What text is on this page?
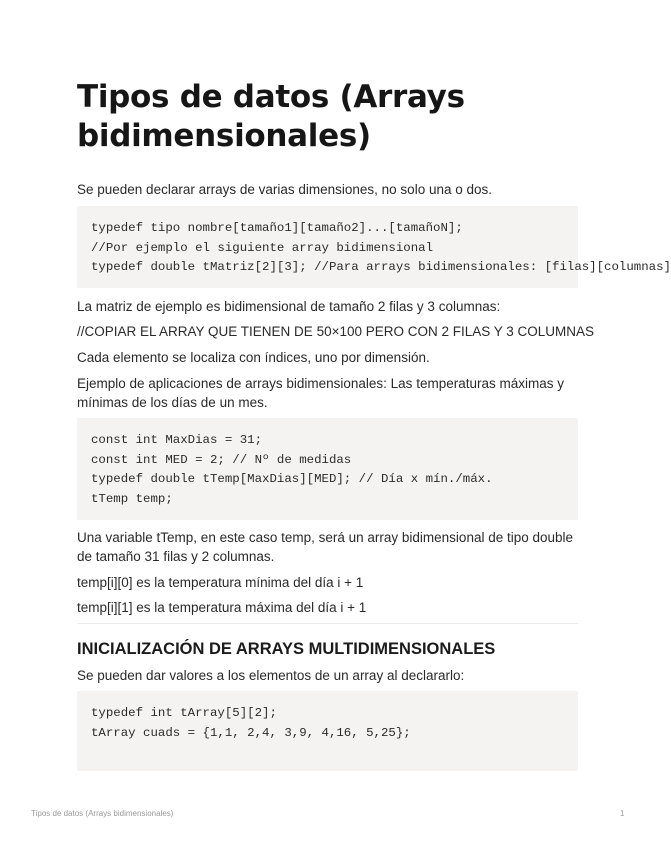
Tipos de datos (Arrays bidimensionales)

Se pueden declarar arrays de varias dimensiones, no solo una o dos.

typedef tipo nombre[tamaño1][tamaño2]...[tamañoN];
//Por ejemplo el siguiente array bidimensional
typedef double tMatriz[2][3]; //Para arrays bidimensionales: [filas][columnas]

La matriz de ejemplo es bidimensional de tamaño 2 filas y 3 columnas:

//COPIAR EL ARRAY QUE TIENEN DE 50×100 PERO CON 2 FILAS Y 3 COLUMNAS

Cada elemento se localiza con índices, uno por dimensión.

Ejemplo de aplicaciones de arrays bidimensionales: Las temperaturas máximas y mínimas de los días de un mes.

const int MaxDias = 31;
const int MED = 2; // Nº de medidas
typedef double tTemp[MaxDias][MED]; // Día x mín./máx.
tTemp temp;

Una variable tTemp, en este caso temp, será un array bidimensional de tipo double de tamaño 31 filas y 2 columnas.

temp[i][0] es la temperatura mínima del día i + 1

temp[i][1] es la temperatura máxima del día i + 1

INICIALIZACIÓN DE ARRAYS MULTIDIMENSIONALES

Se pueden dar valores a los elementos de un array al declararlo:

typedef int tArray[5][2];
tArray cuads = {1,1, 2,4, 3,9, 4,16, 5,25};
Tipos de datos (Arrays bidimensionales)	1
